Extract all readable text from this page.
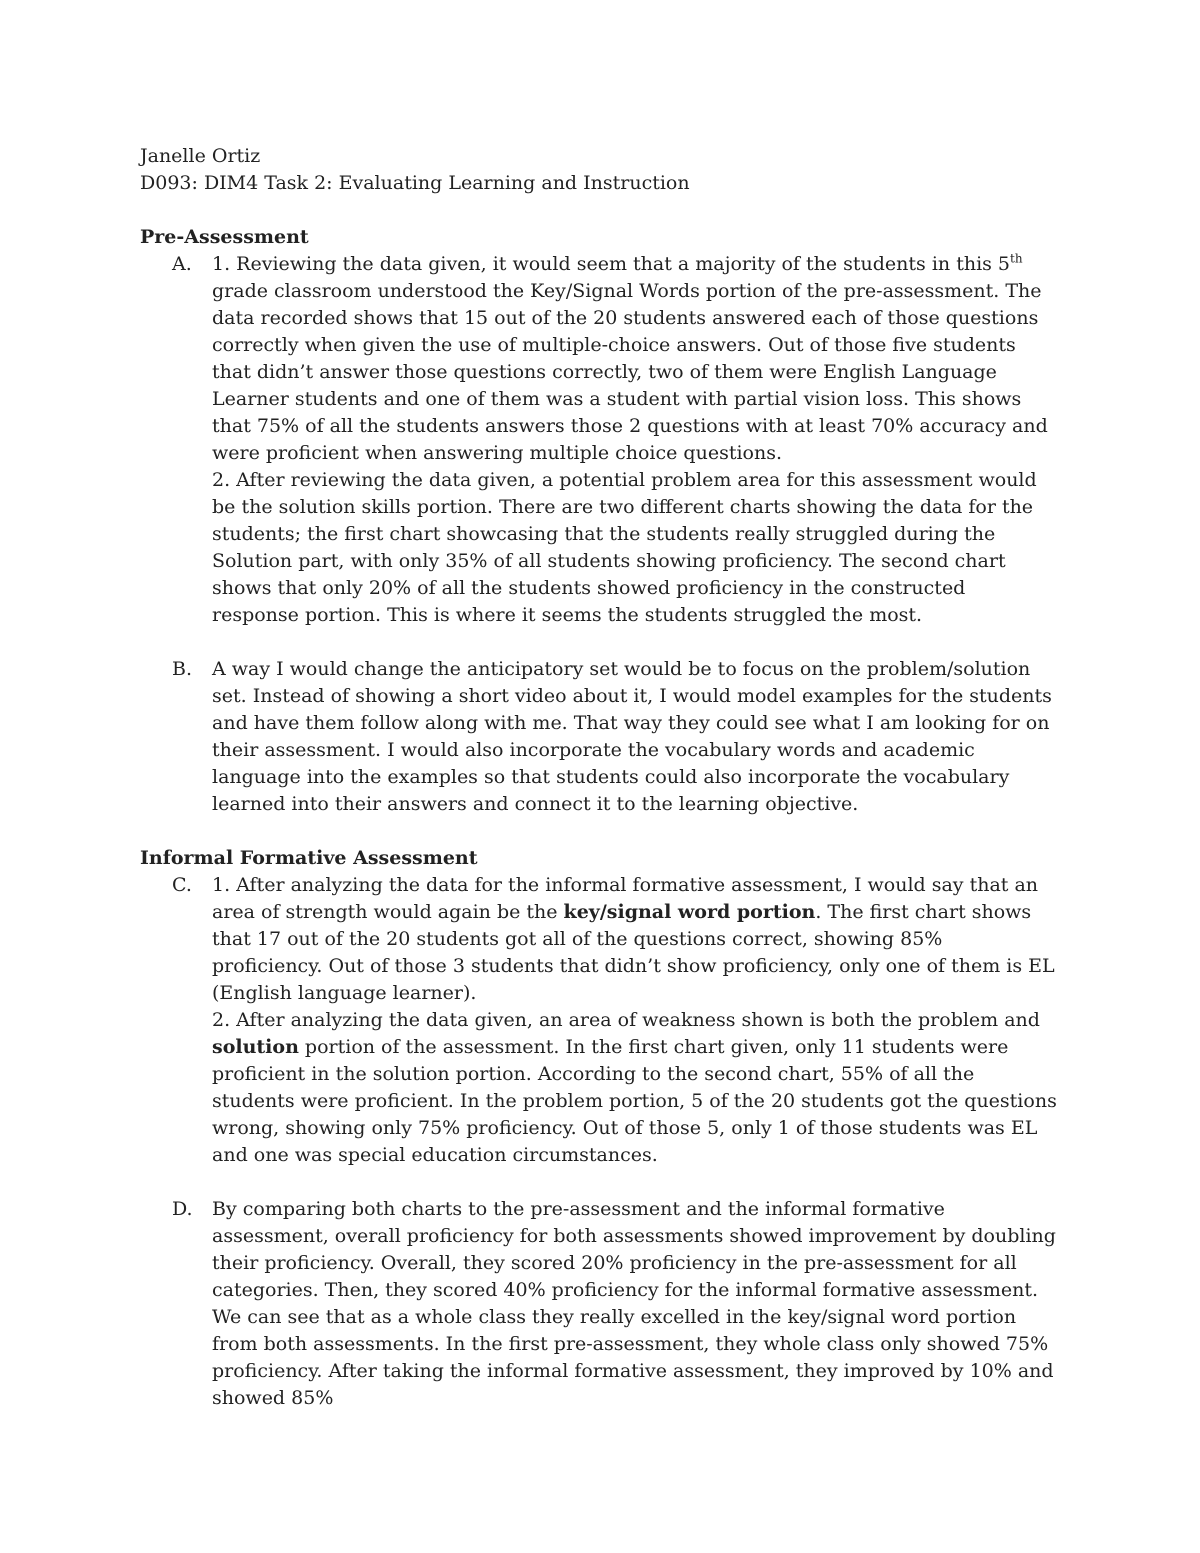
Janelle Ortiz

D093: DIM4 Task 2: Evaluating Learning and Instruction

Pre-Assessment

A.	1. Reviewing the data given, it would seem that a majority of the students in this 5th grade classroom understood the Key/Signal Words portion of the pre-assessment. The data recorded shows that 15 out of the 20 students answered each of those questions correctly when given the use of multiple-choice answers. Out of those five students that didn’t answer those questions correctly, two of them were English Language Learner students and one of them was a student with partial vision loss. This shows that 75% of all the students answers those 2 questions with at least 70% accuracy and were proficient when answering multiple choice questions.

2. After reviewing the data given, a potential problem area for this assessment would be the solution skills portion. There are two different charts showing the data for the students; the first chart showcasing that the students really struggled during the Solution part, with only 35% of all students showing proficiency. The second chart shows that only 20% of all the students showed proficiency in the constructed response portion. This is where it seems the students struggled the most.

B.	A way I would change the anticipatory set would be to focus on the problem/solution set. Instead of showing a short video about it, I would model examples for the students and have them follow along with me. That way they could see what I am looking for on their assessment. I would also incorporate the vocabulary words and academic language into the examples so that students could also incorporate the vocabulary learned into their answers and connect it to the learning objective.

Informal Formative Assessment

C.	1. After analyzing the data for the informal formative assessment, I would say that an area of strength would again be the key/signal word portion. The first chart shows that 17 out of the 20 students got all of the questions correct, showing 85% proficiency. Out of those 3 students that didn’t show proficiency, only one of them is EL (English language learner).

2. After analyzing the data given, an area of weakness shown is both the problem and solution portion of the assessment. In the first chart given, only 11 students were proficient in the solution portion. According to the second chart, 55% of all the students were proficient. In the problem portion, 5 of the 20 students got the questions wrong, showing only 75% proficiency. Out of those 5, only 1 of those students was EL and one was special education circumstances.

D.	By comparing both charts to the pre-assessment and the informal formative assessment, overall proficiency for both assessments showed improvement by doubling their proficiency. Overall, they scored 20% proficiency in the pre-assessment for all categories. Then, they scored 40% proficiency for the informal formative assessment. We can see that as a whole class they really excelled in the key/signal word portion from both assessments. In the first pre-assessment, they whole class only showed 75% proficiency. After taking the informal formative assessment, they improved by 10% and showed 85%
